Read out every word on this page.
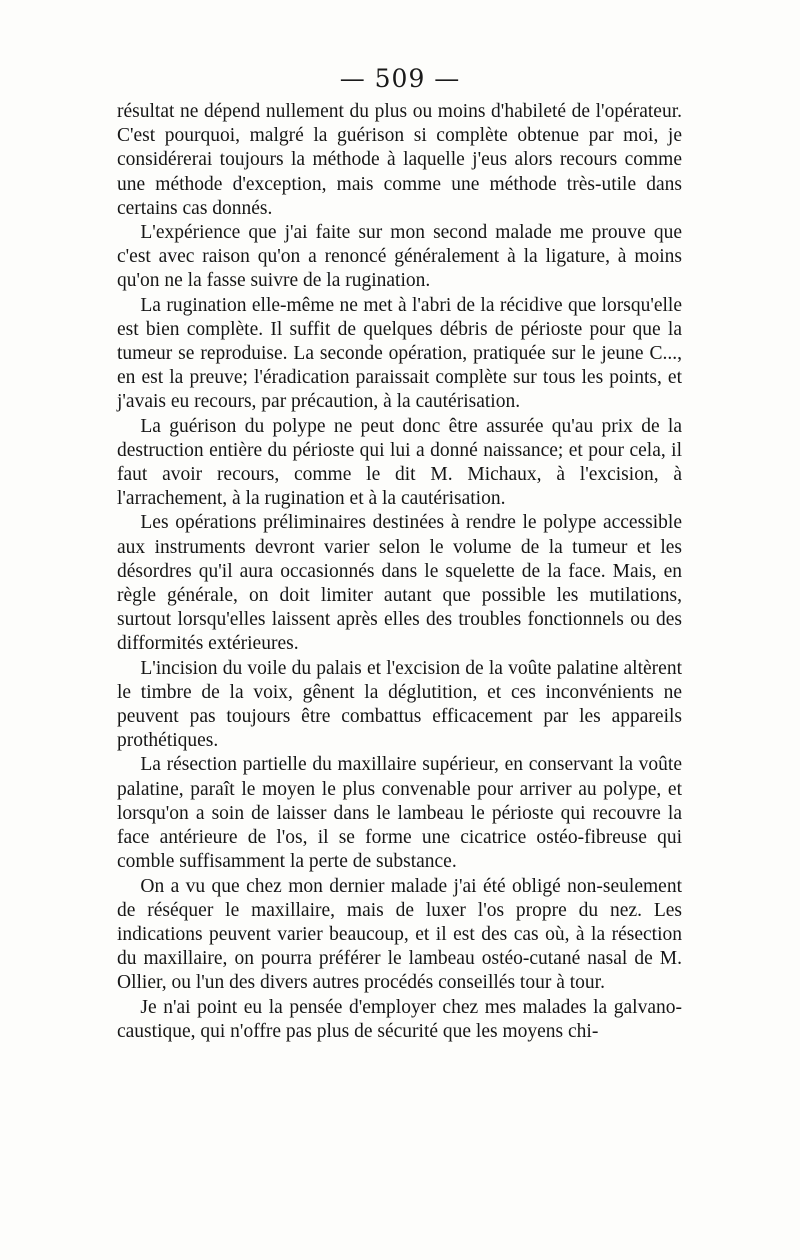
— 509 —

résultat ne dépend nullement du plus ou moins d'habileté de l'opérateur. C'est pourquoi, malgré la guérison si complète obtenue par moi, je considérerai toujours la méthode à laquelle j'eus alors recours comme une méthode d'exception, mais comme une méthode très-utile dans certains cas donnés.

L'expérience que j'ai faite sur mon second malade me prouve que c'est avec raison qu'on a renoncé généralement à la ligature, à moins qu'on ne la fasse suivre de la rugination.

La rugination elle-même ne met à l'abri de la récidive que lorsqu'elle est bien complète. Il suffit de quelques débris de périoste pour que la tumeur se reproduise. La seconde opération, pratiquée sur le jeune C..., en est la preuve; l'éradication paraissait complète sur tous les points, et j'avais eu recours, par précaution, à la cautérisation.

La guérison du polype ne peut donc être assurée qu'au prix de la destruction entière du périoste qui lui a donné naissance; et pour cela, il faut avoir recours, comme le dit M. Michaux, à l'excision, à l'arrachement, à la rugination et à la cautérisation.

Les opérations préliminaires destinées à rendre le polype accessible aux instruments devront varier selon le volume de la tumeur et les désordres qu'il aura occasionnés dans le squelette de la face. Mais, en règle générale, on doit limiter autant que possible les mutilations, surtout lorsqu'elles laissent après elles des troubles fonctionnels ou des difformités extérieures.

L'incision du voile du palais et l'excision de la voûte palatine altèrent le timbre de la voix, gênent la déglutition, et ces inconvénients ne peuvent pas toujours être combattus efficacement par les appareils prothétiques.

La résection partielle du maxillaire supérieur, en conservant la voûte palatine, paraît le moyen le plus convenable pour arriver au polype, et lorsqu'on a soin de laisser dans le lambeau le périoste qui recouvre la face antérieure de l'os, il se forme une cicatrice ostéo-fibreuse qui comble suffisamment la perte de substance.

On a vu que chez mon dernier malade j'ai été obligé non-seulement de réséquer le maxillaire, mais de luxer l'os propre du nez. Les indications peuvent varier beaucoup, et il est des cas où, à la résection du maxillaire, on pourra préférer le lambeau ostéo-cutané nasal de M. Ollier, ou l'un des divers autres procédés conseillés tour à tour.

Je n'ai point eu la pensée d'employer chez mes malades la galvano-caustique, qui n'offre pas plus de sécurité que les moyens chi-
